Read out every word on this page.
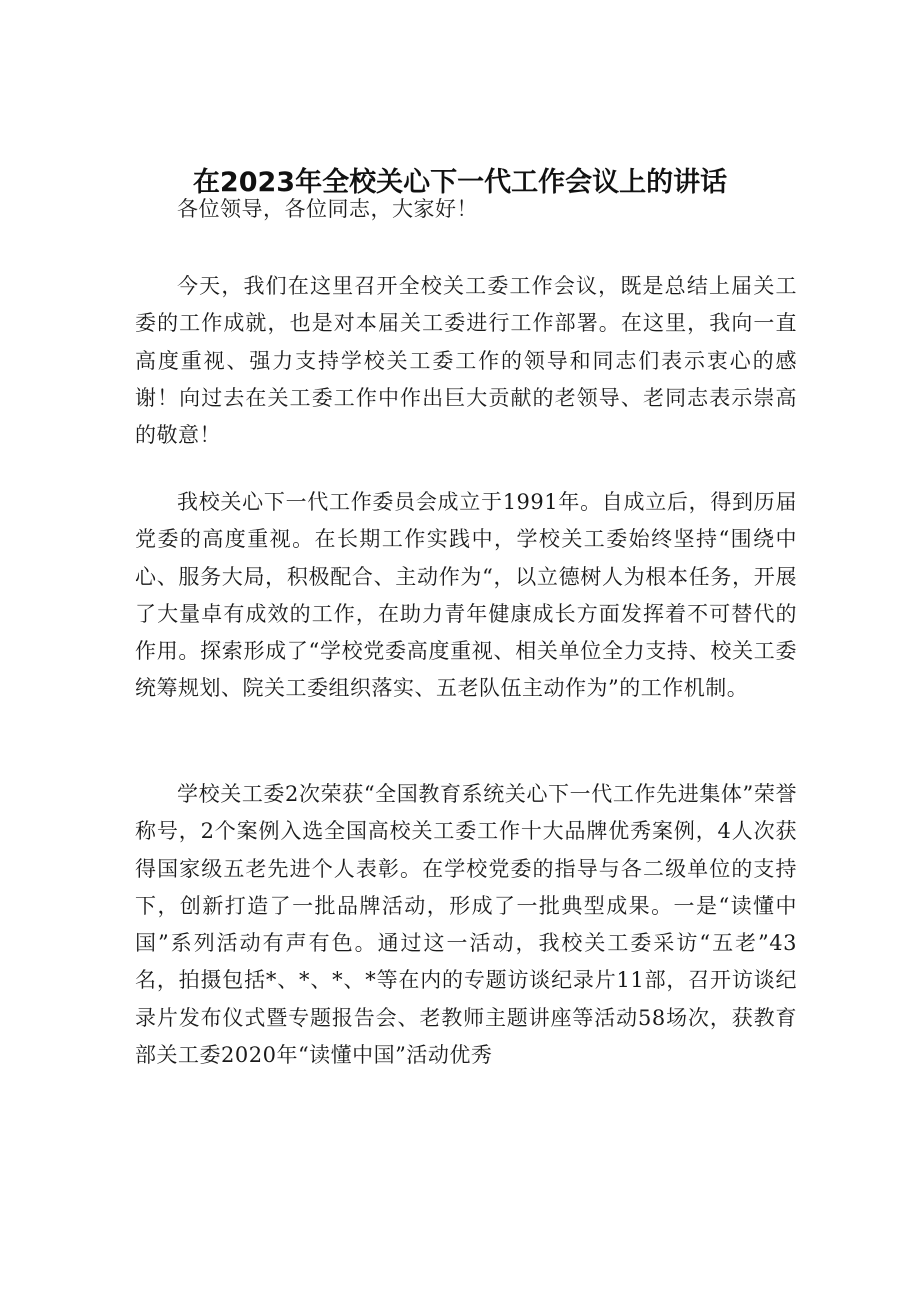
在2023年全校关心下一代工作会议上的讲话

各位领导，各位同志，大家好！

今天，我们在这里召开全校关工委工作会议，既是总结上届关工委的工作成就，也是对本届关工委进行工作部署。在这里，我向一直高度重视、强力支持学校关工委工作的领导和同志们表示衷心的感谢！向过去在关工委工作中作出巨大贡献的老领导、老同志表示崇高的敬意！

我校关心下一代工作委员会成立于1991年。自成立后，得到历届党委的高度重视。在长期工作实践中，学校关工委始终坚持“围绕中心、服务大局，积极配合、主动作为“，以立德树人为根本任务，开展了大量卓有成效的工作，在助力青年健康成长方面发挥着不可替代的作用。探索形成了“学校党委高度重视、相关单位全力支持、校关工委统筹规划、院关工委组织落实、五老队伍主动作为”的工作机制。

学校关工委2次荣获“全国教育系统关心下一代工作先进集体”荣誉称号，2个案例入选全国高校关工委工作十大品牌优秀案例，4人次获得国家级五老先进个人表彰。在学校党委的指导与各二级单位的支持下，创新打造了一批品牌活动，形成了一批典型成果。一是“读懂中国”系列活动有声有色。通过这一活动，我校关工委采访“五老”43名，拍摄包括*、*、*、*等在内的专题访谈纪录片11部，召开访谈纪录片发布仪式暨专题报告会、老教师主题讲座等活动58场次，获教育部关工委2020年“读懂中国”活动优秀
